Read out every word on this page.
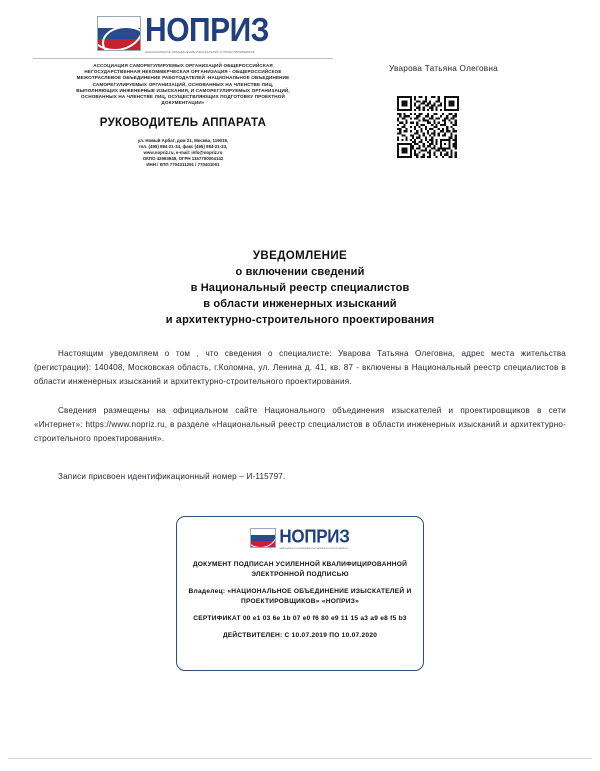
НОПРИЗ
НАЦИОНАЛЬНОЕ ОБЪЕДИНЕНИЕ ИЗЫСКАТЕЛЕЙ И ПРОЕКТИРОВЩИКОВ
АССОЦИАЦИЯ САМОРЕГУЛИРУЕМЫХ ОРГАНИЗАЦИЙ ОБЩЕРОССИЙСКАЯ
НЕГОСУДАРСТВЕННАЯ НЕКОММЕРЧЕСКАЯ ОРГАНИЗАЦИЯ - ОБЩЕРОССИЙСКОЕ
МЕЖОТРАСЛЕВОЕ ОБЪЕДИНЕНИЕ РАБОТОДАТЕЛЕЙ -НАЦИОНАЛЬНОЕ ОБЪЕДИНЕНИЕ
САМОРЕГУЛИРУЕМЫХ ОРГАНИЗАЦИЙ, ОСНОВАННЫХ НА ЧЛЕНСТВЕ ЛИЦ,
ВЫПОЛНЯЮЩИХ ИНЖЕНЕРНЫЕ ИЗЫСКАНИЯ, И САМОРЕГУЛИРУЕМЫХ ОРГАНИЗАЦИЙ,
ОСНОВАННЫХ НА ЧЛЕНСТВЕ ЛИЦ, ОСУЩЕСТВЛЯЮЩИХ ПОДГОТОВКУ ПРОЕКТНОЙ
ДОКУМЕНТАЦИИ»
РУКОВОДИТЕЛЬ АППАРАТА
ул. Новый Арбат, дом 21, Москва, 119019,
тел. (495) 984-21-34, факс (495) 984-21-33,
www.nopriz.ru, e-mail: info@nopriz.ru
ОКПО 42993948, ОГРН 1157700004142
ИНН / КПП 7704311291 / 770401001
Уварова Татьяна Олеговна
УВЕДОМЛЕНИЕ
о включении сведений
в Национальный реестр специалистов
в области инженерных изысканий
и архитектурно-строительного проектирования
Настоящим уведомляем о том , что сведения о специалисте: Уварова Татьяна Олеговна, адрес места жительства (регистрации): 140408, Московская область, г.Коломна, ул. Ленина д. 41, кв. 87 - включены в Национальный реестр специалистов в области инженерных изысканий и архитектурно-строительного проектирования.
Сведения размещены на официальном сайте Национального объединения изыскателей и проектировщиков в сети «Интернет»: https://www.nopriz.ru, в разделе «Национальный реестр специалистов в области инженерных изысканий и архитектурно-строительного проектирования».
Записи присвоен идентификационный номер – И-115797.
НОПРИЗ
НАЦИОНАЛЬНОЕ ОБЪЕДИНЕНИЕ ИЗЫСКАТЕЛЕЙ И ПРОЕКТИРОВЩИКОВ
ДОКУМЕНТ ПОДПИСАН УСИЛЕННОЙ КВАЛИФИЦИРОВАННОЙ
ЭЛЕКТРОННОЙ ПОДПИСЬЮ
Владелец: «НАЦИОНАЛЬНОЕ ОБЪЕДИНЕНИЕ ИЗЫСКАТЕЛЕЙ И
ПРОЕКТИРОВЩИКОВ» «НОПРИЗ»
СЕРТИФИКАТ 00 e1 03 6e 1b 07 e0 f6 80 e9 11 15 a3 a9 e8 f5 b3
ДЕЙСТВИТЕЛЕН: С 10.07.2019 ПО 10.07.2020
